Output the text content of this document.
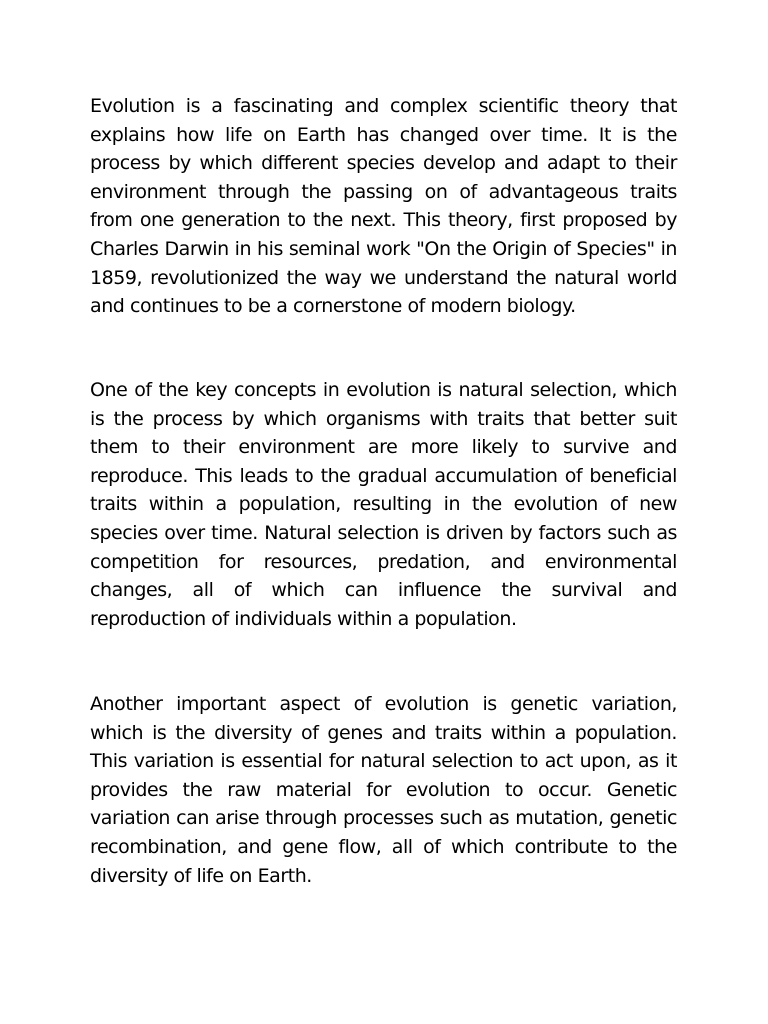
Evolution is a fascinating and complex scientific theory that explains how life on Earth has changed over time. It is the process by which different species develop and adapt to their environment through the passing on of advantageous traits from one generation to the next. This theory, first proposed by Charles Darwin in his seminal work "On the Origin of Species" in 1859, revolutionized the way we understand the natural world and continues to be a cornerstone of modern biology.

One of the key concepts in evolution is natural selection, which is the process by which organisms with traits that better suit them to their environment are more likely to survive and reproduce. This leads to the gradual accumulation of beneficial traits within a population, resulting in the evolution of new species over time. Natural selection is driven by factors such as competition for resources, predation, and environmental changes, all of which can influence the survival and reproduction of individuals within a population.

Another important aspect of evolution is genetic variation, which is the diversity of genes and traits within a population. This variation is essential for natural selection to act upon, as it provides the raw material for evolution to occur. Genetic variation can arise through processes such as mutation, genetic recombination, and gene flow, all of which contribute to the diversity of life on Earth.
